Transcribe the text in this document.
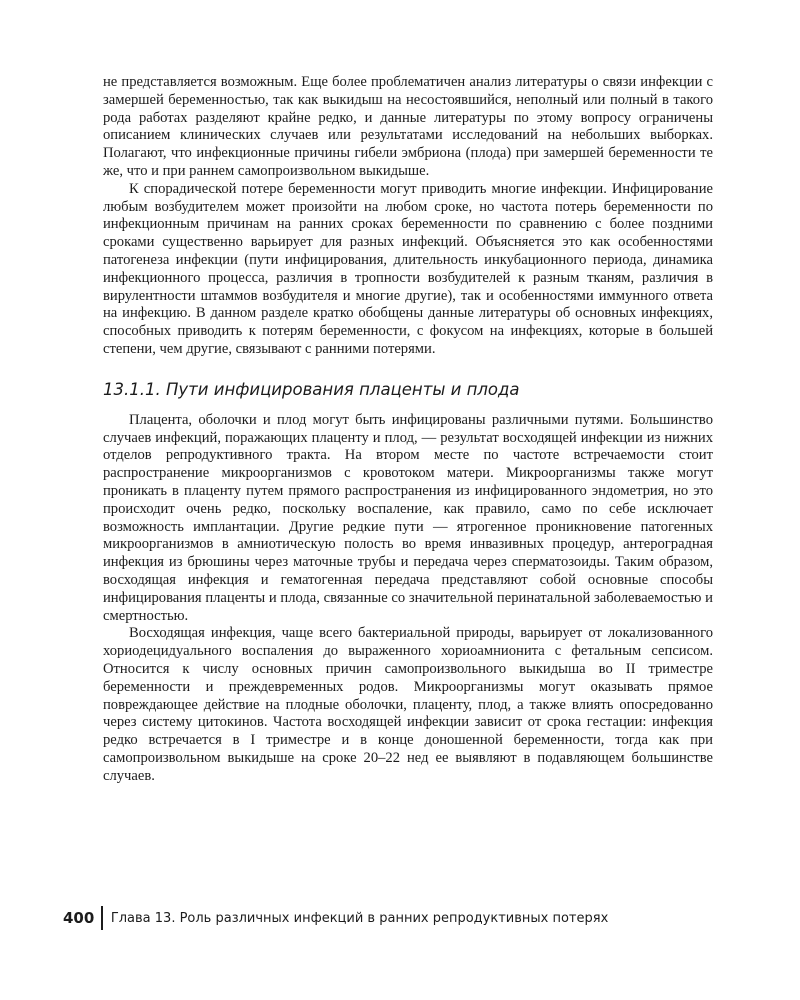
не представляется возможным. Еще более проблематичен анализ литературы о связи инфекции с замершей беременностью, так как выкидыш на несостоявшийся, неполный или полный в такого рода работах разделяют крайне редко, и данные литературы по этому вопросу ограничены описанием клинических случаев или результатами исследований на небольших выборках. Полагают, что инфекционные причины гибели эмбриона (плода) при замершей беременности те же, что и при раннем самопроизвольном выкидыше.

К спорадической потере беременности могут приводить многие инфекции. Инфицирование любым возбудителем может произойти на любом сроке, но частота потерь беременности по инфекционным причинам на ранних сроках беременности по сравнению с более поздними сроками существенно варьирует для разных инфекций. Объясняется это как особенностями патогенеза инфекции (пути инфицирования, длительность инкубационного периода, динамика инфекционного процесса, различия в тропности возбудителей к разным тканям, различия в вирулентности штаммов возбудителя и многие другие), так и особенностями иммунного ответа на инфекцию. В данном разделе кратко обобщены данные литературы об основных инфекциях, способных приводить к потерям беременности, с фокусом на инфекциях, которые в большей степени, чем другие, связывают с ранними потерями.

13.1.1. Пути инфицирования плаценты и плода

Плацента, оболочки и плод могут быть инфицированы различными путями. Большинство случаев инфекций, поражающих плаценту и плод, — результат восходящей инфекции из нижних отделов репродуктивного тракта. На втором месте по частоте встречаемости стоит распространение микроорганизмов с кровотоком матери. Микроорганизмы также могут проникать в плаценту путем прямого распространения из инфицированного эндометрия, но это происходит очень редко, поскольку воспаление, как правило, само по себе исключает возможность имплантации. Другие редкие пути — ятрогенное проникновение патогенных микроорганизмов в амниотическую полость во время инвазивных процедур, антероградная инфекция из брюшины через маточные трубы и передача через сперматозоиды. Таким образом, восходящая инфекция и гематогенная передача представляют собой основные способы инфицирования плаценты и плода, связанные со значительной перинатальной заболеваемостью и смертностью.

Восходящая инфекция, чаще всего бактериальной природы, варьирует от локализованного хориодецидуального воспаления до выраженного хориоамнионита с фетальным сепсисом. Относится к числу основных причин самопроизвольного выкидыша во II триместре беременности и преждевременных родов. Микроорганизмы могут оказывать прямое повреждающее действие на плодные оболочки, плаценту, плод, а также влиять опосредованно через систему цитокинов. Частота восходящей инфекции зависит от срока гестации: инфекция редко встречается в I триместре и в конце доношенной беременности, тогда как при самопроизвольном выкидыше на сроке 20–22 нед ее выявляют в подавляющем большинстве случаев.

400 Глава 13. Роль различных инфекций в ранних репродуктивных потерях
